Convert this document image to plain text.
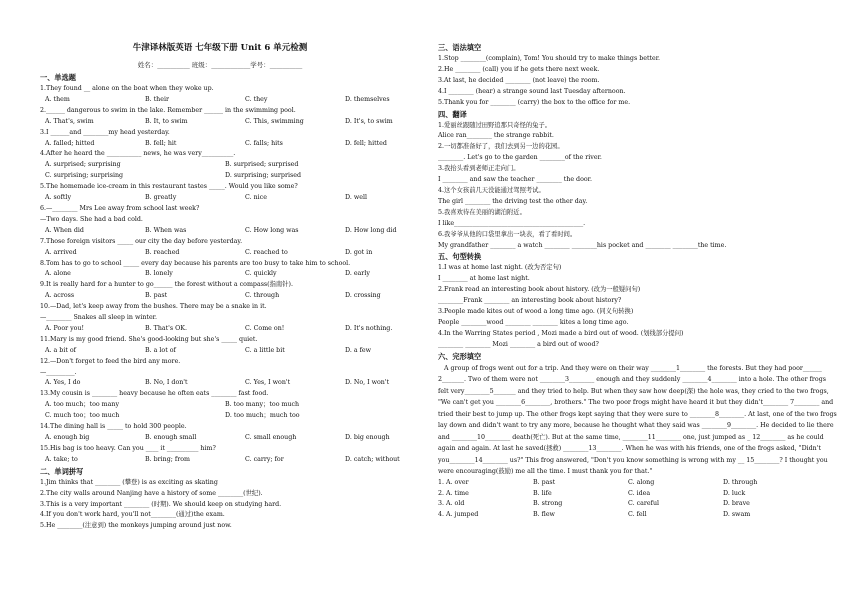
牛津译林版英语 七年级下册 Unit 6 单元检测
姓名：__________ 班级：____________学号：__________
一、单选题
1.They found __ alone on the boat when they woke up.
A. them	B. their	C. they	D. themselves
2.______ dangerous to swim in the lake. Remember ______ in the swimming pool.
A. That's, swim	B. It, to swim	C. This, swimming	D. It's, to swim
3.I ______and ________my head yesterday.
A. falled; hitted	B. fell; hit	C. falls; hits	D. fell; hitted
4.After he heard the ___________ news, he was very__________.
A. surprised; surprising	B. surprised; surprised
C. surprising; surprising	D. surprising; surprised
5.The homemade ice-cream in this restaurant tastes _____. Would you like some?
A. softly	B. greatly	C. nice	D. well
6.—________ Mrs Lee away from school last week?
—Two days. She had a bad cold.
A. When did	B. When was	C. How long was	D. How long did
7.Those foreign visitors _____ our city the day before yesterday.
A. arrived	B. reached	C. reached to	D. got in
8.Tom has to go to school _____ every day because his parents are too busy to take him to school.
A. alone	B. lonely	C. quickly	D. early
9.It is really hard for a hunter to go______ the forest without a compass(指南针).
A. across	B. past	C. through	D. crossing
10.—Dad, let's keep away from the bushes. There may be a snake in it.
—________ Snakes all sleep in winter.
A. Poor you!	B. That's OK.	C. Come on!	D. It's nothing.
11.Mary is my good friend. She's good-looking but she's _____ quiet.
A. a bit of	B. a lot of	C. a little bit	D. a few
12.—Don't forget to feed the bird any more.
—_________.
A. Yes, I do	B. No, I don't	C. Yes, I won't	D. No, I won't
13.My cousin is ________ heavy because he often eats ________ fast food.
A. too much；too many	B. too many；too much
C. much too；too much	D. too much；much too
14.The dining hall is _____ to hold 300 people.
A. enough big	B. enough small	C. small enough	D. big enough
15.His bag is too heavy. Can you ____ it __________ him?
A. take; to	B. bring; from	C. carry; for	D. catch; without
二、单词拼写
1.Jim thinks that ________ (攀登) is as exciting as skating
2.The city walls around Nanjing have a history of some ________(世纪).
3.This is a very important ________ (时期). We should keep on studying hard.
4.If you don't work hard, you'll not________(通过)the exam.
5.He ________(注意到) the monkeys jumping around just now.
三、语法填空
1.Stop ________(complain), Tom! You should try to make things better.
2.He ________ (call) you if he gets there next week.
3.At last, he decided ________ (not leave) the room.
4.I ________ (hear) a strange sound last Tuesday afternoon.
5.Thank you for ________ (carry) the box to the office for me.
四、翻译
1.爱丽丝跟随过田野追那只奇怪的兔子。
Alice ran________ the strange rabbit.
2.一切都准备好了，我们去到另一边的花园。
________. Let's go to the garden ________of the river.
3.我抬头看到老师正走向门。
I ________ and saw the teacher ________ the door.
4.这个女孩前几天没能通过驾照考试。
The girl ________ the driving test the other day.
5.我喜欢待在美丽的湖泊附近。
I like_________________________________________.
6.我爷爷从他的口袋里拿出一块表，看了看时间。
My grandfather ________ a watch ________ ________his pocket and ________ ________the time.
五、句型转换
1.I was at home last night. (改为否定句)
I ________ at home last night.
2.Frank read an interesting book about history. (改为一般疑问句)
________Frank ________ an interesting book about history?
3.People made kites out of wood a long time ago. (同义句转换)
People ________wood ________ ________ kites a long time ago.
4.In the Warring States period , Mozi made a bird out of wood. (划线部分提问)
________ ________ Mozi ________ a bird out of wood?
六、完形填空
A group of frogs went out for a trip. And they were on their way ________1________ the forests. But they had poor______ 2_______. Two of them were not ________3________ enough and they suddenly ________4________ into a hole. The other frogs felt very________5_______ and they tried to help. But when they saw how deep(深) the hole was, they cried to the two frogs, "We can't get you ________6________, brothers." The two poor frogs might have heard it but they didn't________ 7________ and tried their best to jump up. The other frogs kept saying that they were sure to ________8________. At last, one of the two frogs lay down and didn't want to try any more, because he thought what they said was ________9________. He decided to lie there and ________10________ death(死亡). But at the same time, ________11________ one, just jumped as _ 12________ as he could again and again. At last he saved(拯救) ________13________. When he was with his friends, one of the frogs asked, "Didn't you________14________ us?" This frog answered, "Don't you know something is wrong with my __ 15________? I thought you were encouraging(鼓励) me all the time. I must thank you for that."
1. A. over	B. past	C. along	D. through
2. A. time	B. life	C. idea	D. luck
3. A. old	B. strong	C. careful	D. brave
4. A. jumped	B. flew	C. fell	D. swam
